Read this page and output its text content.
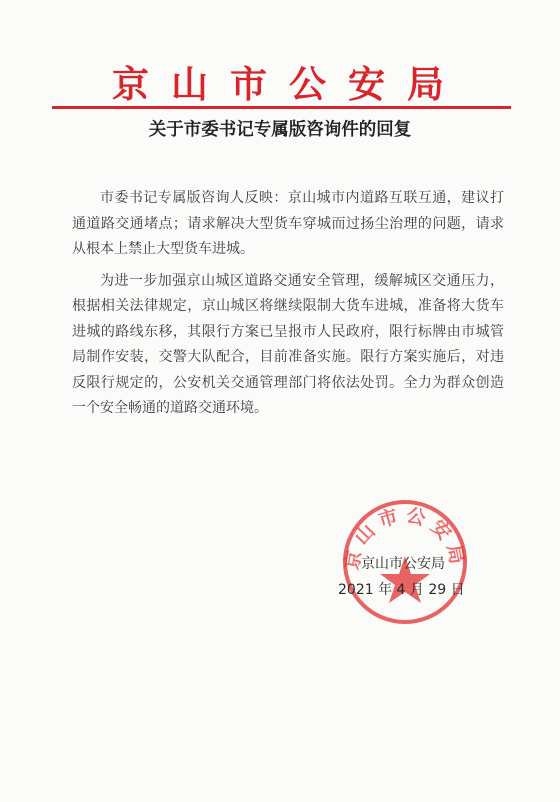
京山市公安局
关于市委书记专属版咨询件的回复

市委书记专属版咨询人反映：京山城市内道路互联互通，建议打通道路交通堵点；请求解决大型货车穿城而过扬尘治理的问题，请求从根本上禁止大型货车进城。

为进一步加强京山城区道路交通安全管理，缓解城区交通压力，根据相关法律规定，京山城区将继续限制大货车进城，准备将大货车进城的路线东移，其限行方案已呈报市人民政府，限行标牌由市城管局制作安装，交警大队配合，目前准备实施。限行方案实施后，对违反限行规定的，公安机关交通管理部门将依法处罚。全力为群众创造一个安全畅通的道路交通环境。

京山市公安局
京山市公安局
2021 年 4 月 29 日
